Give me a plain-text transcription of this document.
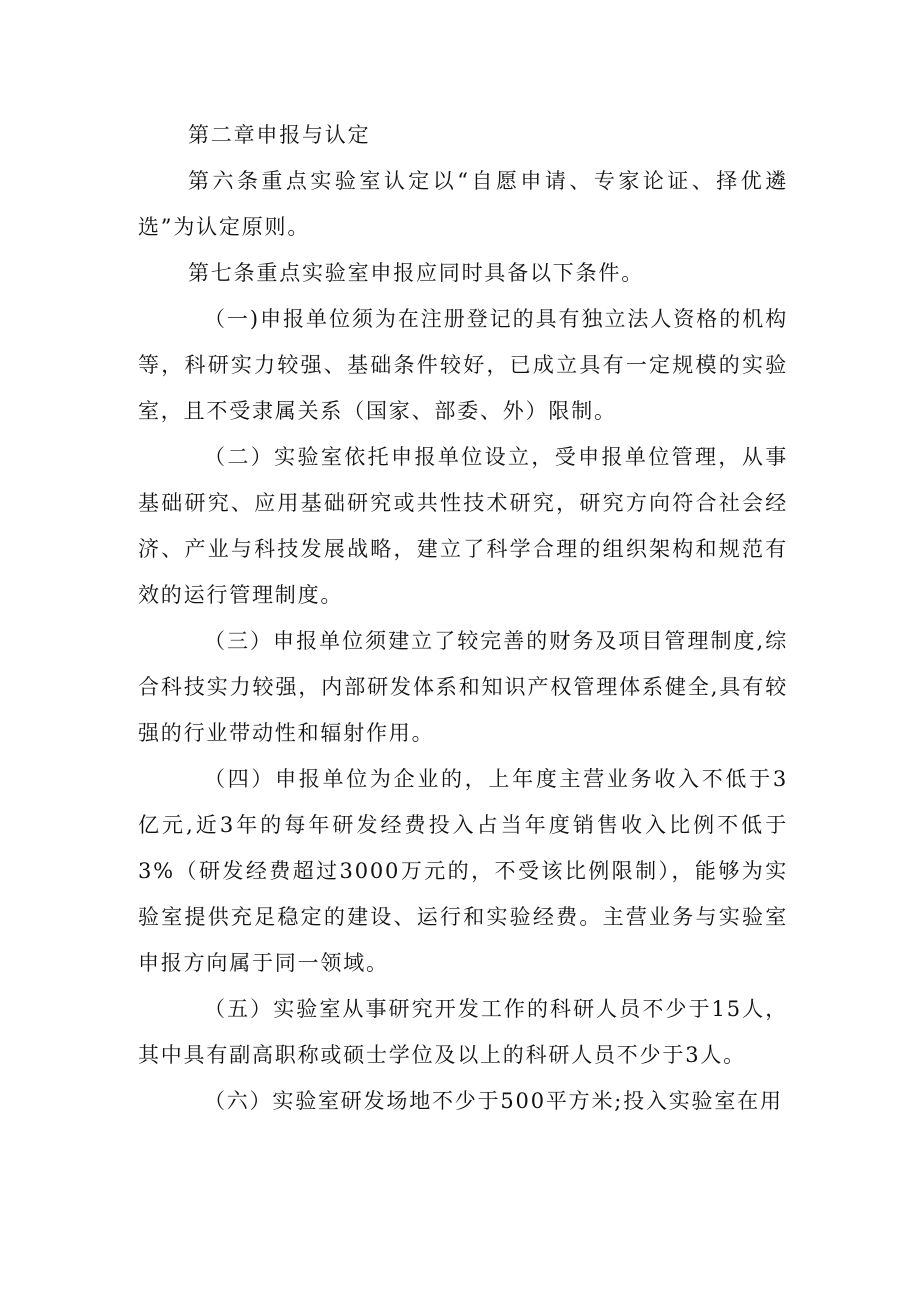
第二章申报与认定

第六条重点实验室认定以“自愿申请、专家论证、择优遴选”为认定原则。

第七条重点实验室申报应同时具备以下条件。

（一)申报单位须为在注册登记的具有独立法人资格的机构等，科研实力较强、基础条件较好，已成立具有一定规模的实验室，且不受隶属关系（国家、部委、外）限制。

（二）实验室依托申报单位设立，受申报单位管理，从事基础研究、应用基础研究或共性技术研究，研究方向符合社会经济、产业与科技发展战略，建立了科学合理的组织架构和规范有效的运行管理制度。

（三）申报单位须建立了较完善的财务及项目管理制度,综合科技实力较强，内部研发体系和知识产权管理体系健全,具有较强的行业带动性和辐射作用。

（四）申报单位为企业的，上年度主营业务收入不低于3亿元,近3年的每年研发经费投入占当年度销售收入比例不低于3%（研发经费超过3000万元的，不受该比例限制），能够为实验室提供充足稳定的建设、运行和实验经费。主营业务与实验室申报方向属于同一领域。

（五）实验室从事研究开发工作的科研人员不少于15人，其中具有副高职称或硕士学位及以上的科研人员不少于3人。

（六）实验室研发场地不少于500平方米;投入实验室在用
